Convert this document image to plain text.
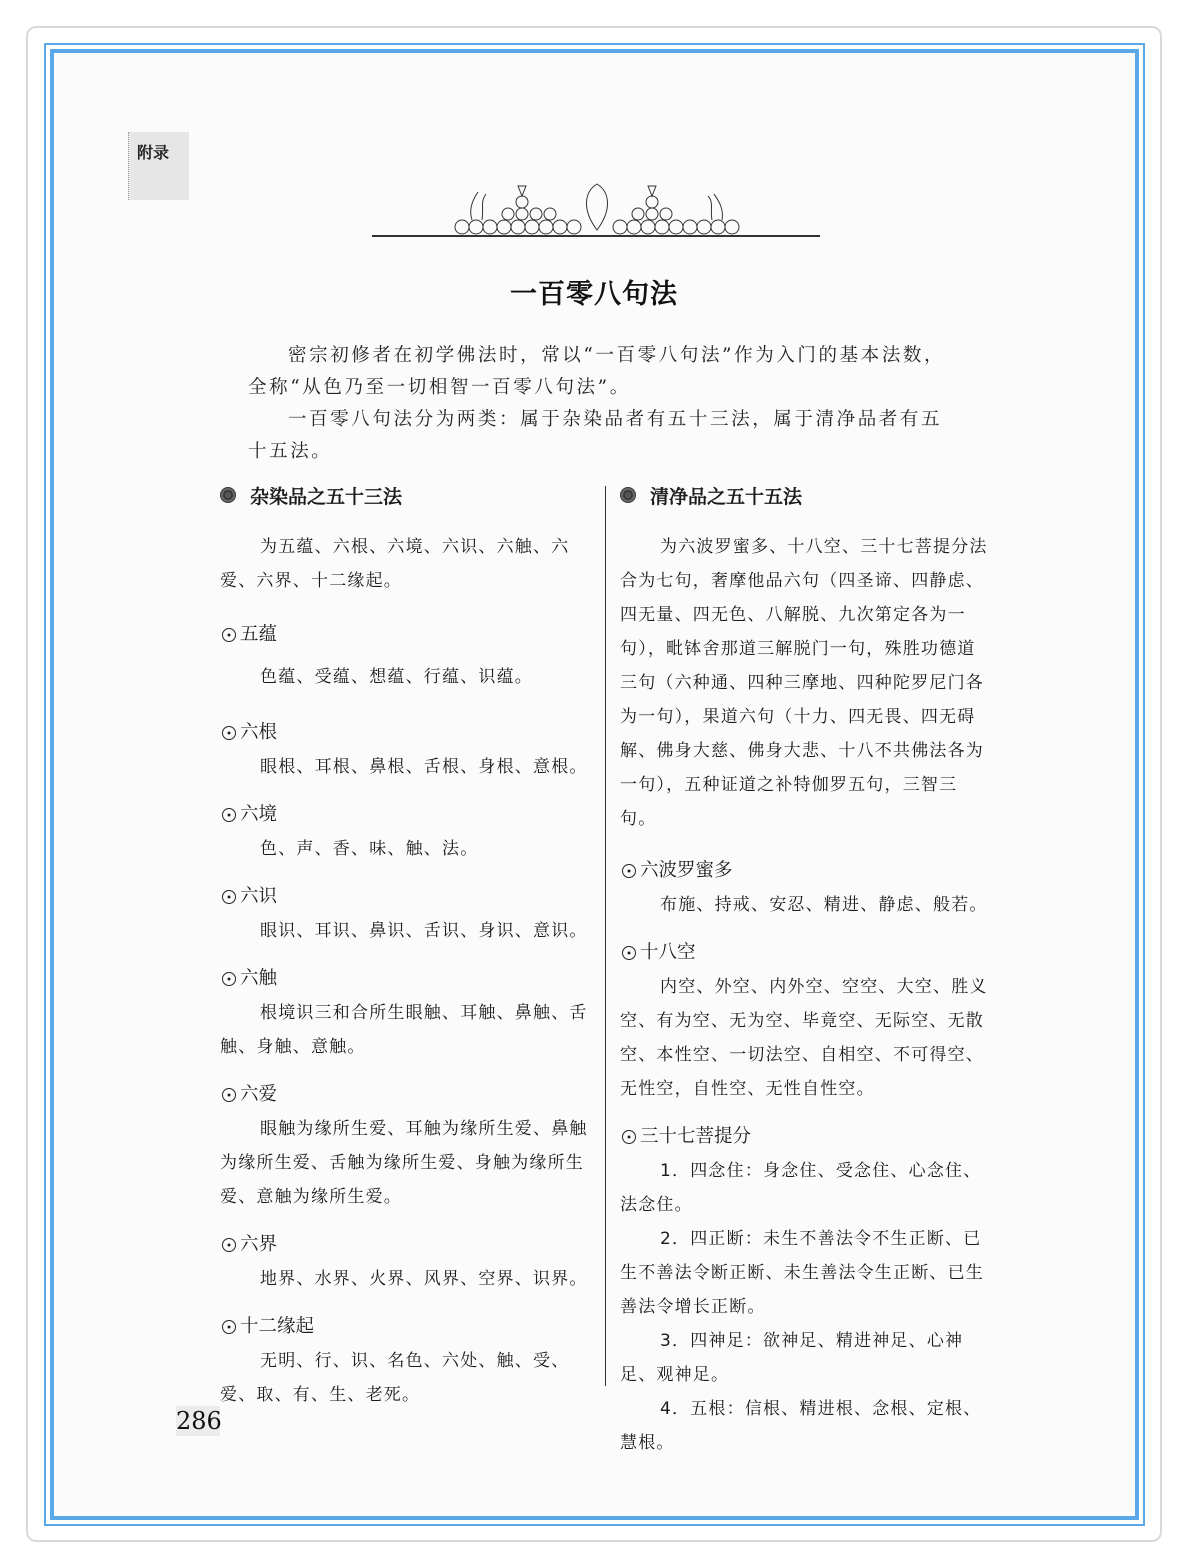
附录
一百零八句法

密宗初修者在初学佛法时，常以“一百零八句法”作为入门的基本法数，全称“从色乃至一切相智一百零八句法”。

一百零八句法分为两类：属于杂染品者有五十三法，属于清净品者有五十五法。

杂染品之五十三法

为五蕴、六根、六境、六识、六触、六爱、六界、十二缘起。

五蕴

色蕴、受蕴、想蕴、行蕴、识蕴。

六根

眼根、耳根、鼻根、舌根、身根、意根。

六境

色、声、香、味、触、法。

六识

眼识、耳识、鼻识、舌识、身识、意识。

六触

根境识三和合所生眼触、耳触、鼻触、舌触、身触、意触。

六爱

眼触为缘所生爱、耳触为缘所生爱、鼻触为缘所生爱、舌触为缘所生爱、身触为缘所生爱、意触为缘所生爱。

六界

地界、水界、火界、风界、空界、识界。

十二缘起

无明、行、识、名色、六处、触、受、爱、取、有、生、老死。

清净品之五十五法

为六波罗蜜多、十八空、三十七菩提分法合为七句，奢摩他品六句（四圣谛、四静虑、四无量、四无色、八解脱、九次第定各为一句），毗钵舍那道三解脱门一句，殊胜功德道三句（六种通、四种三摩地、四种陀罗尼门各为一句），果道六句（十力、四无畏、四无碍解、佛身大慈、佛身大悲、十八不共佛法各为一句），五种证道之补特伽罗五句，三智三句。

六波罗蜜多

布施、持戒、安忍、精进、静虑、般若。

十八空

内空、外空、内外空、空空、大空、胜义空、有为空、无为空、毕竟空、无际空、无散空、本性空、一切法空、自相空、不可得空、无性空，自性空、无性自性空。

三十七菩提分

1．四念住：身念住、受念住、心念住、法念住。

2．四正断：未生不善法令不生正断、已生不善法令断正断、未生善法令生正断、已生善法令增长正断。

3．四神足：欲神足、精进神足、心神足、观神足。

4．五根：信根、精进根、念根、定根、慧根。

286
